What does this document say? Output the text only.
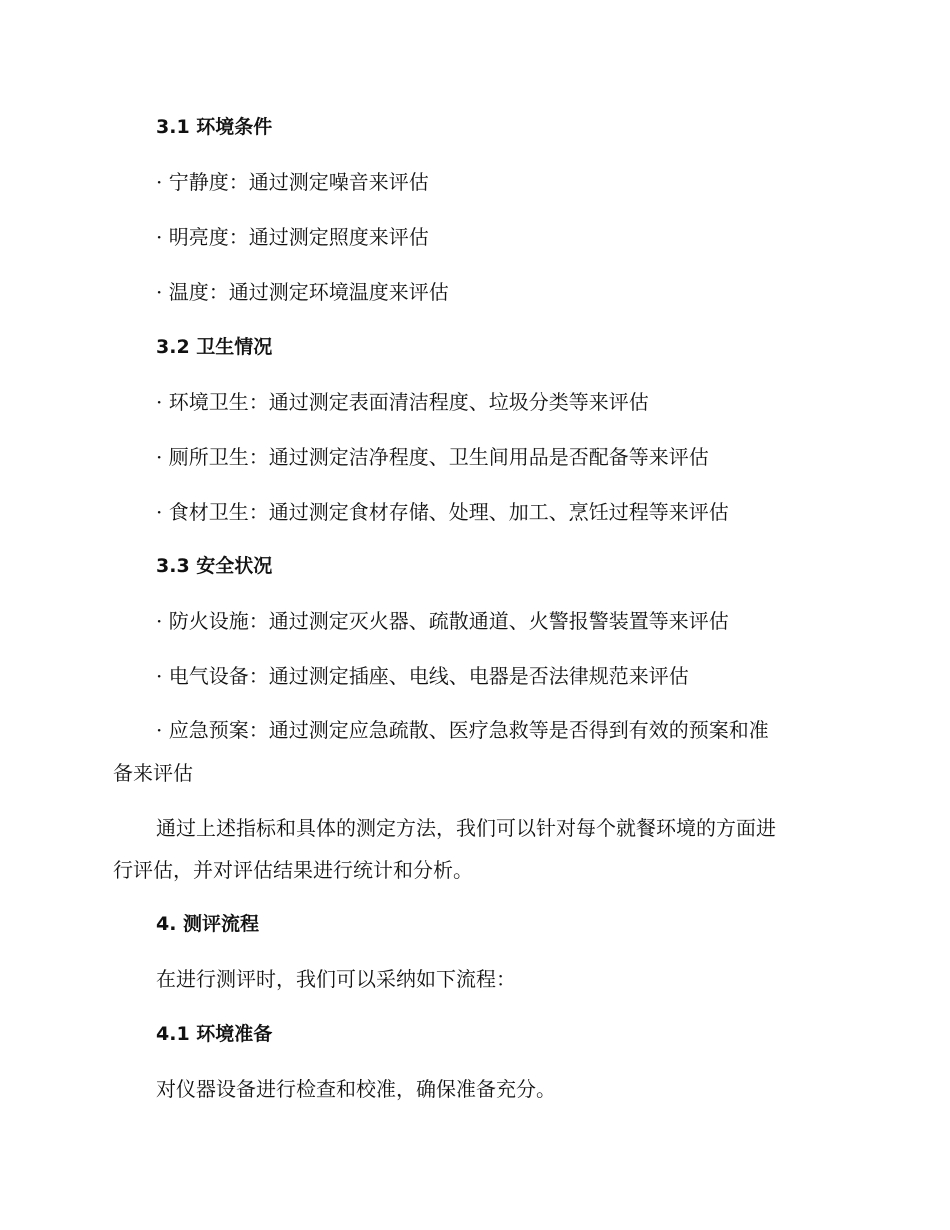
3.1 环境条件
· 宁静度：通过测定噪音来评估
· 明亮度：通过测定照度来评估
· 温度：通过测定环境温度来评估
3.2 卫生情况
· 环境卫生：通过测定表面清洁程度、垃圾分类等来评估
· 厕所卫生：通过测定洁净程度、卫生间用品是否配备等来评估
· 食材卫生：通过测定食材存储、处理、加工、烹饪过程等来评估
3.3 安全状况
· 防火设施：通过测定灭火器、疏散通道、火警报警装置等来评估
· 电气设备：通过测定插座、电线、电器是否法律规范来评估
· 应急预案：通过测定应急疏散、医疗急救等是否得到有效的预案和准
备来评估
通过上述指标和具体的测定方法，我们可以针对每个就餐环境的方面进
行评估，并对评估结果进行统计和分析。
4. 测评流程
在进行测评时，我们可以采纳如下流程：
4.1 环境准备
对仪器设备进行检查和校准，确保准备充分。
